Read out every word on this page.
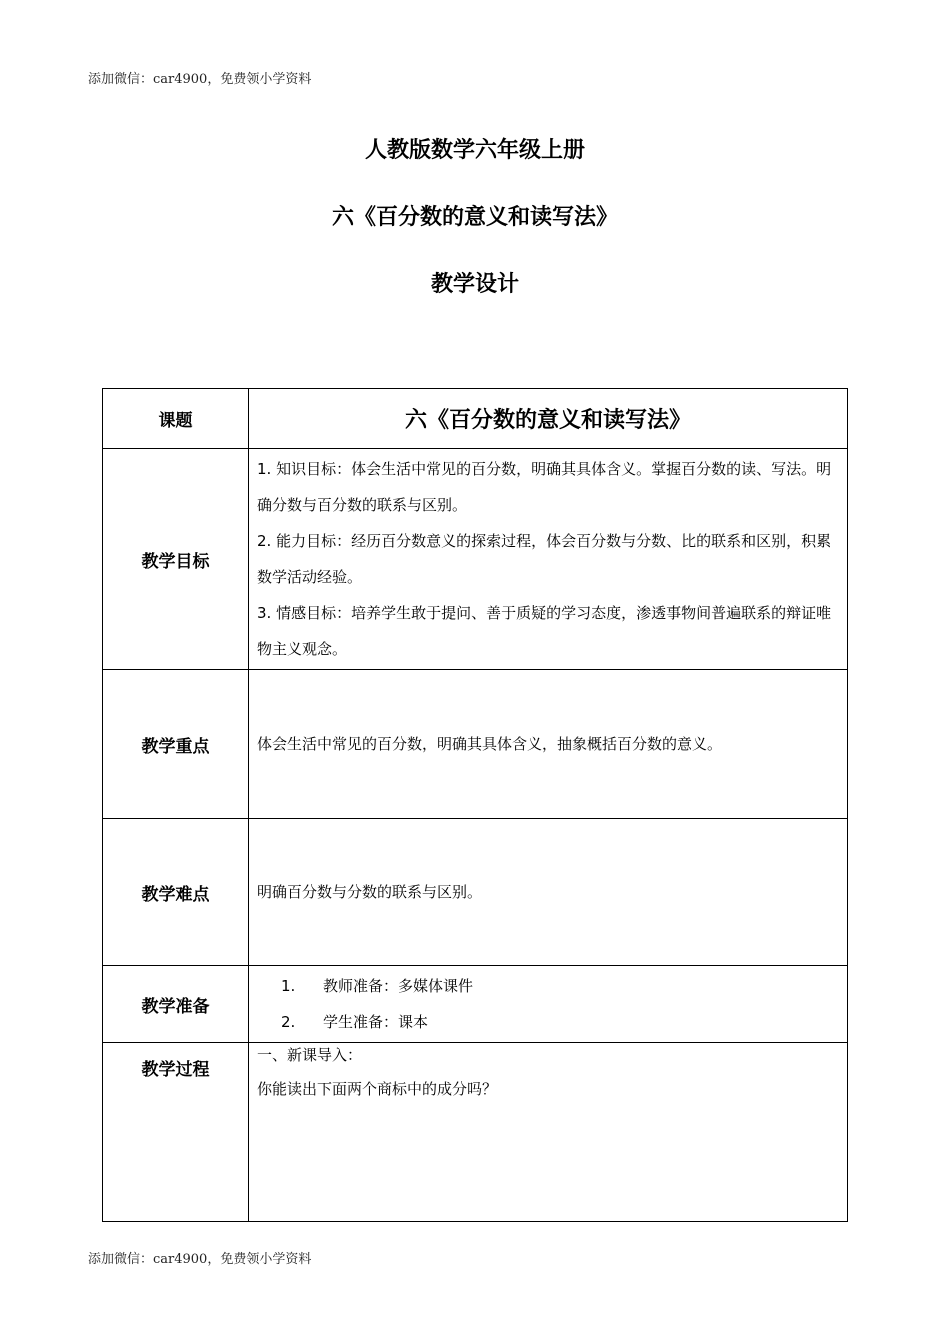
添加微信：car4900，免费领小学资料
人教版数学六年级上册
六《百分数的意义和读写法》
教学设计
课题	六《百分数的意义和读写法》
教学目标	1. 知识目标：体会生活中常见的百分数，明确其具体含义。掌握百分数的读、写法。明确分数与百分数的联系与区别。
2. 能力目标：经历百分数意义的探索过程，体会百分数与分数、比的联系和区别，积累数学活动经验。
3. 情感目标：培养学生敢于提问、善于质疑的学习态度，渗透事物间普遍联系的辩证唯物主义观念。

教学重点	体会生活中常见的百分数，明确其具体含义，抽象概括百分数的意义。
教学难点	明确百分数与分数的联系与区别。
教学准备	1. 教师准备：多媒体课件
2. 学生准备：课本

教学过程	一、新课导入：
你能读出下面两个商标中的成分吗？
添加微信：car4900，免费领小学资料
